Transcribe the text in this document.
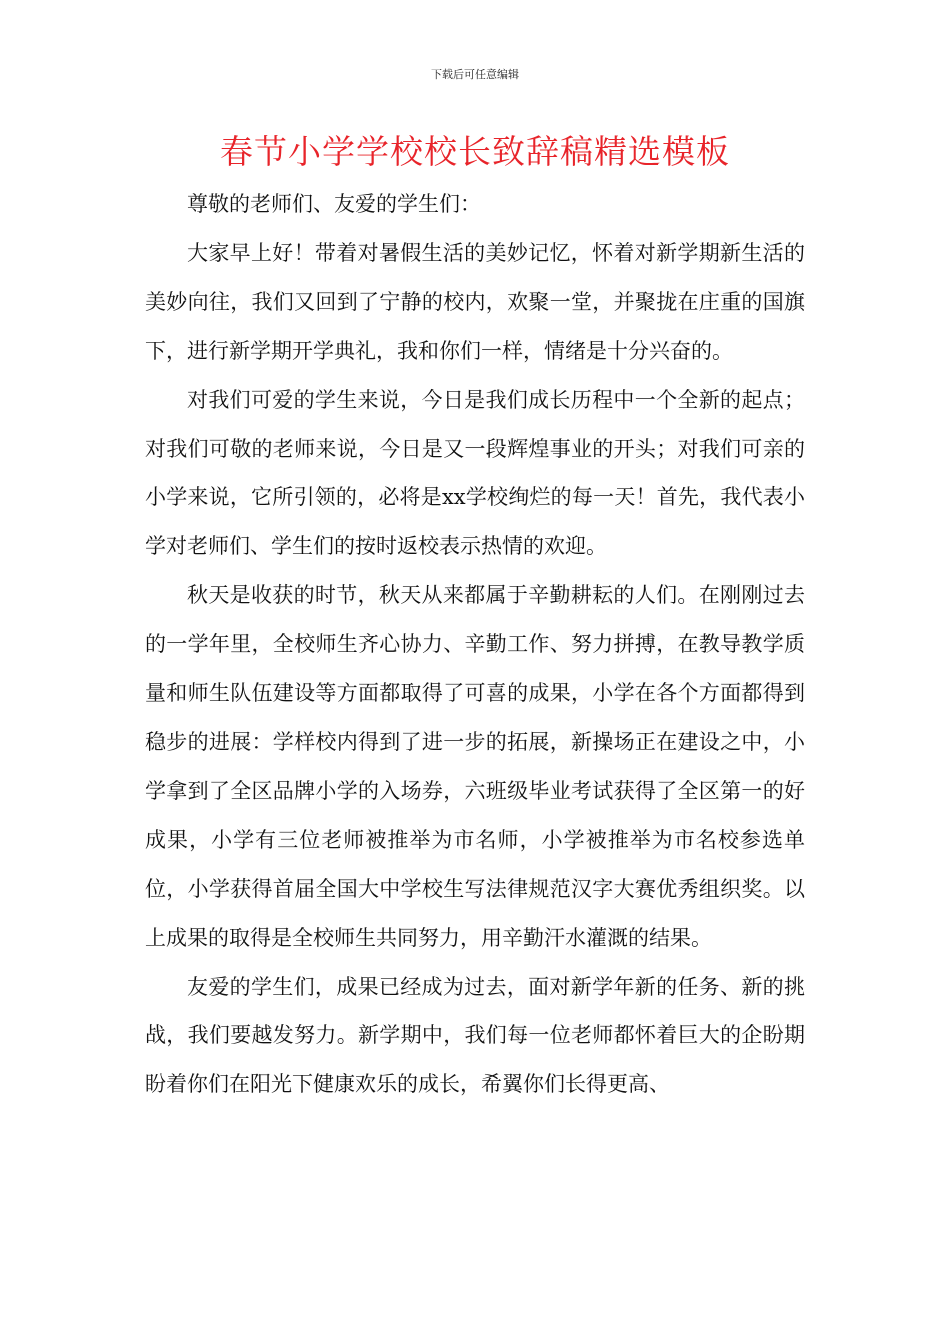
下载后可任意编辑
春节小学学校校长致辞稿精选模板

尊敬的老师们、友爱的学生们：

大家早上好！带着对暑假生活的美妙记忆，怀着对新学期新生活的美妙向往，我们又回到了宁静的校内，欢聚一堂，并聚拢在庄重的国旗下，进行新学期开学典礼，我和你们一样，情绪是十分兴奋的。

对我们可爱的学生来说，今日是我们成长历程中一个全新的起点；对我们可敬的老师来说，今日是又一段辉煌事业的开头；对我们可亲的小学来说，它所引领的，必将是xx学校绚烂的每一天！首先，我代表小学对老师们、学生们的按时返校表示热情的欢迎。

秋天是收获的时节，秋天从来都属于辛勤耕耘的人们。在刚刚过去的一学年里，全校师生齐心协力、辛勤工作、努力拼搏，在教导教学质量和师生队伍建设等方面都取得了可喜的成果，小学在各个方面都得到稳步的进展：学样校内得到了进一步的拓展，新操场正在建设之中，小学拿到了全区品牌小学的入场券，六班级毕业考试获得了全区第一的好成果，小学有三位老师被推举为市名师，小学被推举为市名校参选单位，小学获得首届全国大中学校生写法律规范汉字大赛优秀组织奖。以上成果的取得是全校师生共同努力，用辛勤汗水灌溉的结果。

友爱的学生们，成果已经成为过去，面对新学年新的任务、新的挑战，我们要越发努力。新学期中，我们每一位老师都怀着巨大的企盼期盼着你们在阳光下健康欢乐的成长，希翼你们长得更高、
